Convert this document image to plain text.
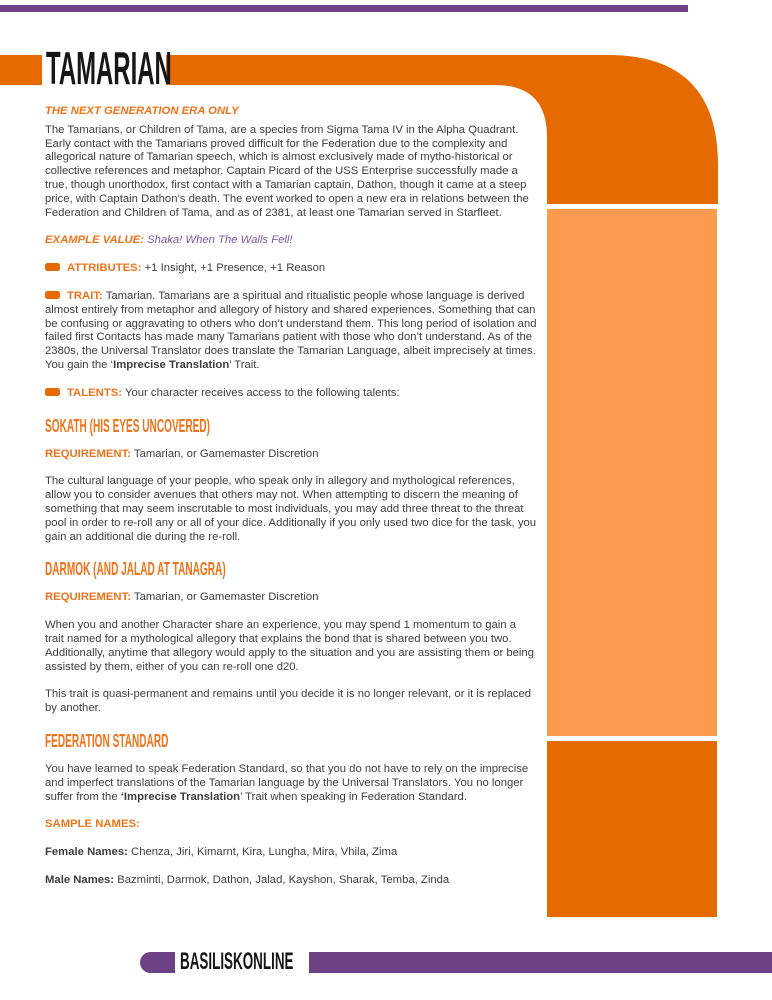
TAMARIAN
THE NEXT GENERATION ERA ONLY

The Tamarians, or Children of Tama, are a species from Sigma Tama IV in the Alpha Quadrant. Early contact with the Tamarians proved difficult for the Federation due to the complexity and allegorical nature of Tamarian speech, which is almost exclusively made of mytho-historical or collective references and metaphor. Captain Picard of the USS Enterprise successfully made a true, though unorthodox, first contact with a Tamarian captain, Dathon, though it came at a steep price, with Captain Dathon’s death. The event worked to open a new era in relations between the Federation and Children of Tama, and as of 2381, at least one Tamarian served in Starfleet.

EXAMPLE VALUE: Shaka! When The Walls Fell!

ATTRIBUTES: +1 Insight, +1 Presence, +1 Reason

TRAIT: Tamarian. Tamarians are a spiritual and ritualistic people whose language is derived almost entirely from metaphor and allegory of history and shared experiences. Something that can be confusing or aggravating to others who don’t understand them. This long period of isolation and failed first Contacts has made many Tamarians patient with those who don’t understand. As of the 2380s, the Universal Translator does translate the Tamarian Language, albeit imprecisely at times. You gain the ‘Imprecise Translation’ Trait.

TALENTS: Your character receives access to the following talents:

SOKATH (HIS EYES UNCOVERED)

REQUIREMENT: Tamarian, or Gamemaster Discretion

The cultural language of your people, who speak only in allegory and mythological references, allow you to consider avenues that others may not. When attempting to discern the meaning of something that may seem inscrutable to most individuals, you may add three threat to the threat pool in order to re-roll any or all of your dice. Additionally if you only used two dice for the task, you gain an additional die during the re-roll.

DARMOK (AND JALAD AT TANAGRA)

REQUIREMENT: Tamarian, or Gamemaster Discretion

When you and another Character share an experience, you may spend 1 momentum to gain a trait named for a mythological allegory that explains the bond that is shared between you two. Additionally, anytime that allegory would apply to the situation and you are assisting them or being assisted by them, either of you can re-roll one d20.

This trait is quasi-permanent and remains until you decide it is no longer relevant, or it is replaced by another.

FEDERATION STANDARD

You have learned to speak Federation Standard, so that you do not have to rely on the imprecise and imperfect translations of the Tamarian language by the Universal Translators. You no longer suffer from the ‘Imprecise Translation’ Trait when speaking in Federation Standard.

SAMPLE NAMES:

Female Names: Chenza, Jiri, Kimarnt, Kira, Lungha, Mira, Vhila, Zima

Male Names: Bazminti, Darmok, Dathon, Jalad, Kayshon, Sharak, Temba, Zinda

BASILISKONLINE
